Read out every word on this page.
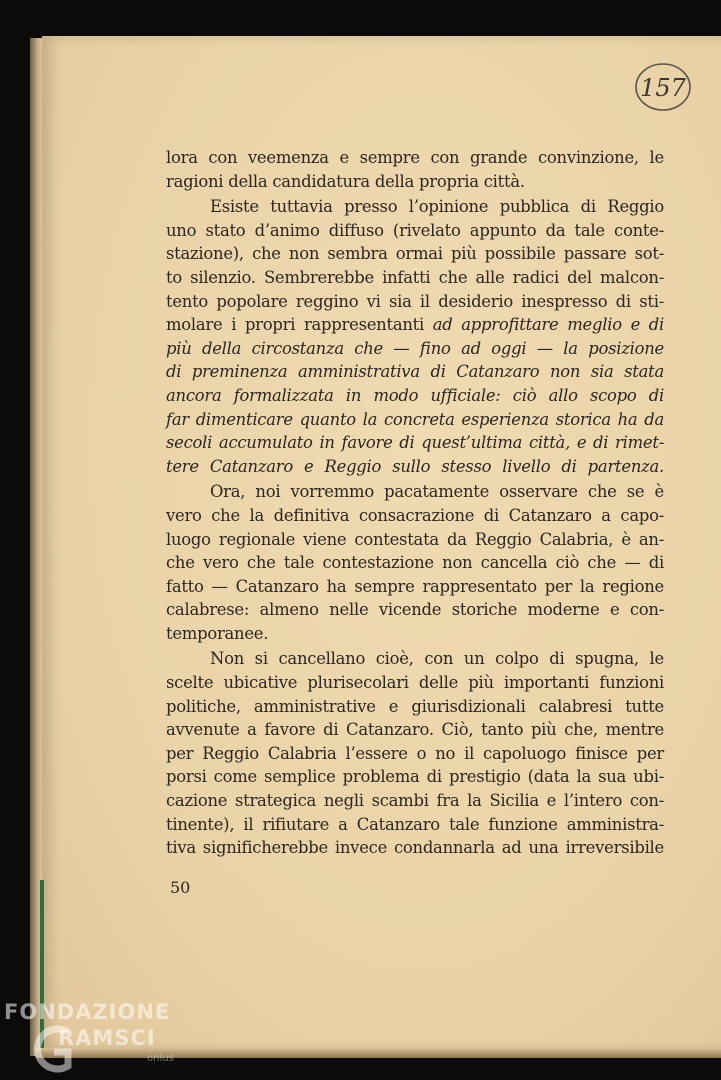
157
lora con veemenza e sempre con grande convinzione, le
ragioni della candidatura della propria città.
Esiste tuttavia presso l’opinione pubblica di Reggio
uno stato d’animo diffuso (rivelato appunto da tale conte-
stazione), che non sembra ormai più possibile passare sot-
to silenzio. Sembrerebbe infatti che alle radici del malcon-
tento popolare reggino vi sia il desiderio inespresso di sti-
molare i propri rappresentanti ad approfittare meglio e di
più della circostanza che — fino ad oggi — la posizione
di preminenza amministrativa di Catanzaro non sia stata
ancora formalizzata in modo ufficiale: ciò allo scopo di
far dimenticare quanto la concreta esperienza storica ha da
secoli accumulato in favore di quest’ultima città, e di rimet-
tere Catanzaro e Reggio sullo stesso livello di partenza.
Ora, noi vorremmo pacatamente osservare che se è
vero che la definitiva consacrazione di Catanzaro a capo-
luogo regionale viene contestata da Reggio Calabria, è an-
che vero che tale contestazione non cancella ciò che — di
fatto — Catanzaro ha sempre rappresentato per la regione
calabrese: almeno nelle vicende storiche moderne e con-
temporanee.
Non si cancellano cioè, con un colpo di spugna, le
scelte ubicative plurisecolari delle più importanti funzioni
politiche, amministrative e giurisdizionali calabresi tutte
avvenute a favore di Catanzaro. Ciò, tanto più che, mentre
per Reggio Calabria l’essere o no il capoluogo finisce per
porsi come semplice problema di prestigio (data la sua ubi-
cazione strategica negli scambi fra la Sicilia e l’intero con-
tinente), il rifiutare a Catanzaro tale funzione amministra-
tiva significherebbe invece condannarla ad una irreversibile
50
FONDAZIONE
RAMSCI
onlus
